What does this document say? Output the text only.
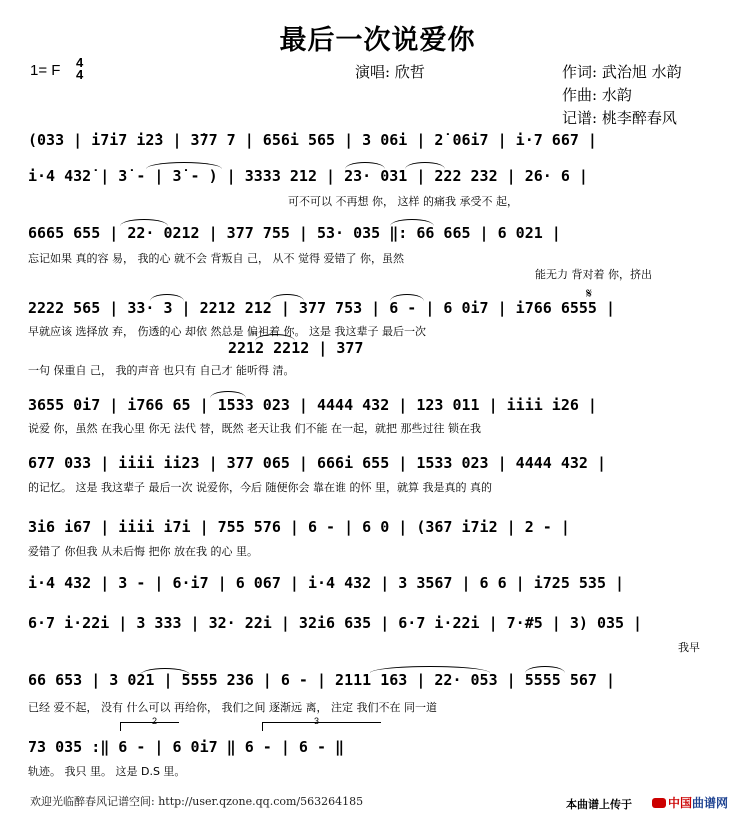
最后一次说爱你
1= F 4
4	演唱: 欣哲	作词: 武治旭 水韵
作曲: 水韵
记谱: 桃李醉春风
(033 | i7i7 i2̇3 | 3̇77 7 | 656i 565 | 3 06i | 2̇ 06i7 | i·7 667 |
i·4 432̇ | 3̇ - | 3̇ - ) | 3333 212 | 23· 031 | 222 232 | 26· 6 |
可不可以 不再想 你， 这样 的痛我 承受不 起，
6665 655 | 22· 0212 | 377 755 | 53· 035 ‖: 66 665 | 6 021 |
忘记如果 真的容 易， 我的心 就不会 背叛自 己， 从不 觉得 爱错了 你，虽然
能无力 背对着 你，挤出
2222 565 | 33· 3 | 2212 212 | 377 753 | 6 - | 6 0i7 | i766 6555 |
早就应该 选择放 弃， 伤透的心 却依 然总是 偏袒着 你。 这是 我这辈子 最后一次
𝄋
2212 2212 | 377
一句 保重自 己， 我的声音 也只有 自己才 能听得 清。
3655 0i7 | i766 65 | 1533 023 | 4444 432 | 123 011 | iiii i26 |
说爱 你，虽然 在我心里 你无 法代 替，既然 老天让我 们不能 在一起，就把 那些过往 锁在我
677 033 | iiii ii23 | 377 065 | 666i 655 | 1533 023 | 4444 432 |
的记忆。 这是 我这辈子 最后一次 说爱你，今后 随便你会 靠在谁 的怀 里，就算 我是真的 真的
3i6 i67 | iiii i7i | 755 576 | 6 - | 6 0 | (367 i7i2 | 2 - |
爱错了 你但我 从未后悔 把你 放在我 的心 里。
i·4 432 | 3 - | 6·i7 | 6 067 | i·4 432 | 3 3567 | 6 6 | i725 535 |
6·7 i·22i | 3 333 | 32· 22i | 32i6 635 | 6·7 i·22i | 7·#5 | 3) 035 |
我早
66 653 | 3 021 | 5555 236 | 6 - | 2111 163 | 22· 053 | 5555 567 |
已经 爱不起， 没有 什么可以 再给你， 我们之间 逐渐远 离， 注定 我们不在 同一道
73 035 :‖ 6 - | 6 0i7 ‖ 6 - | 6 - ‖
轨迹。 我只 里。 这是 D.S 里。
2	3
欢迎光临醉春风记谱空间: http://user.qzone.qq.com/563264185	本曲谱上传于	中国曲谱网
